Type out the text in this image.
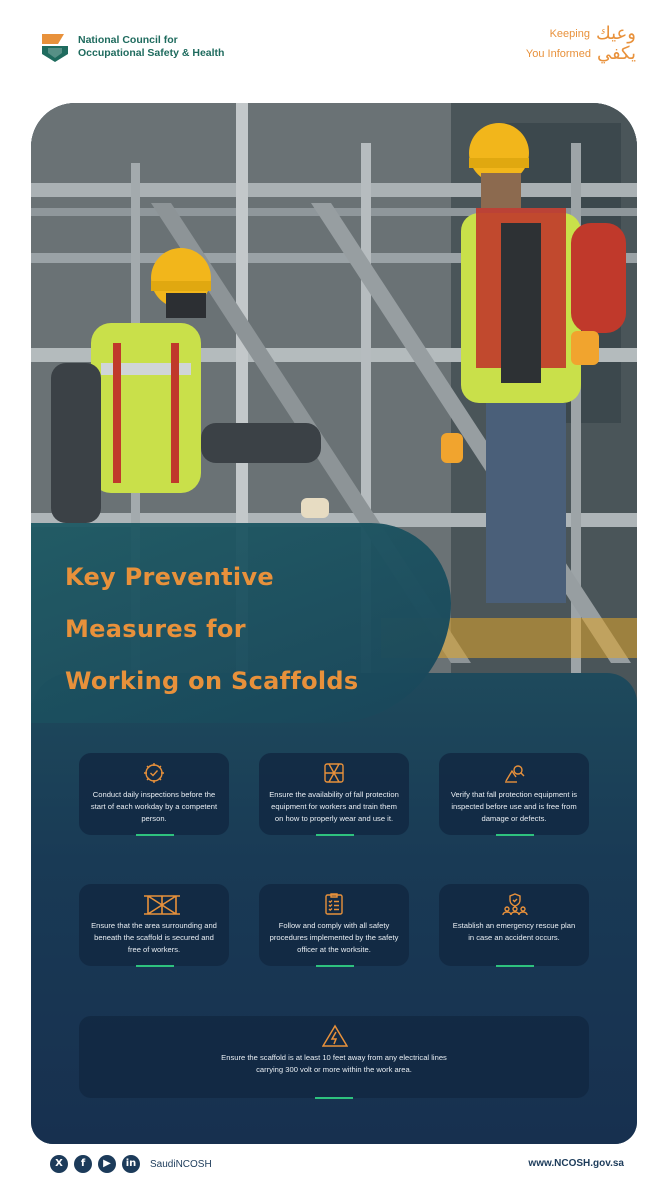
National Council for
Occupational Safety & Health
Keeping وعيك
You Informed يكفي
Key Preventive
Measures for
Working on Scaffolds
Conduct daily inspections before the start of each workday by a competent person.
Ensure the availability of fall protection equipment for workers and train them on how to properly wear and use it.
Verify that fall protection equipment is inspected before use and is free from damage or defects.
Ensure that the area surrounding and beneath the scaffold is secured and free of workers.
Follow and comply with all safety procedures implemented by the safety officer at the worksite.
Establish an emergency rescue plan in case an accident occurs.
Ensure the scaffold is at least 10 feet away from any electrical lines carrying 300 volt or more within the work area.
X	f	▶	in	SaudiNCOSH	www.NCOSH.gov.sa
